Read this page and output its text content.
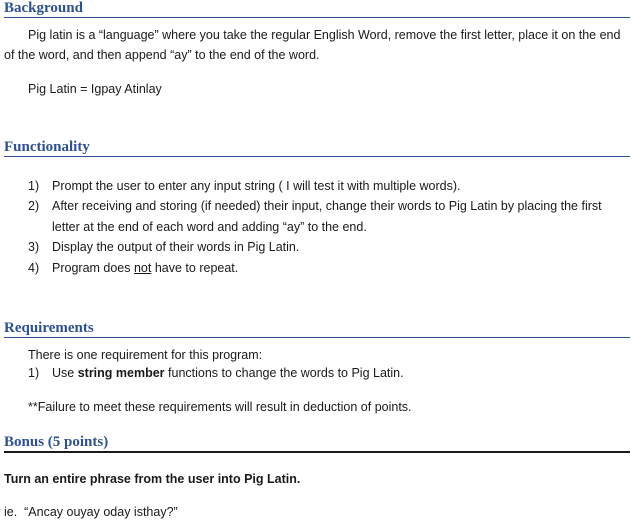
Background
Pig latin is a “language” where you take the regular English Word, remove the first letter, place it on the end of the word, and then append “ay” to the end of the word.
Pig Latin = Igpay Atinlay
Functionality
1) Prompt the user to enter any input string ( I will test it with multiple words).
2) After receiving and storing (if needed) their input, change their words to Pig Latin by placing the first letter at the end of each word and adding “ay” to the end.
3) Display the output of their words in Pig Latin.
4) Program does not have to repeat.
Requirements
There is one requirement for this program:
1) Use string member functions to change the words to Pig Latin.
**Failure to meet these requirements will result in deduction of points.
Bonus (5 points)
Turn an entire phrase from the user into Pig Latin.
ie.  “Ancay ouyay oday isthay?”
